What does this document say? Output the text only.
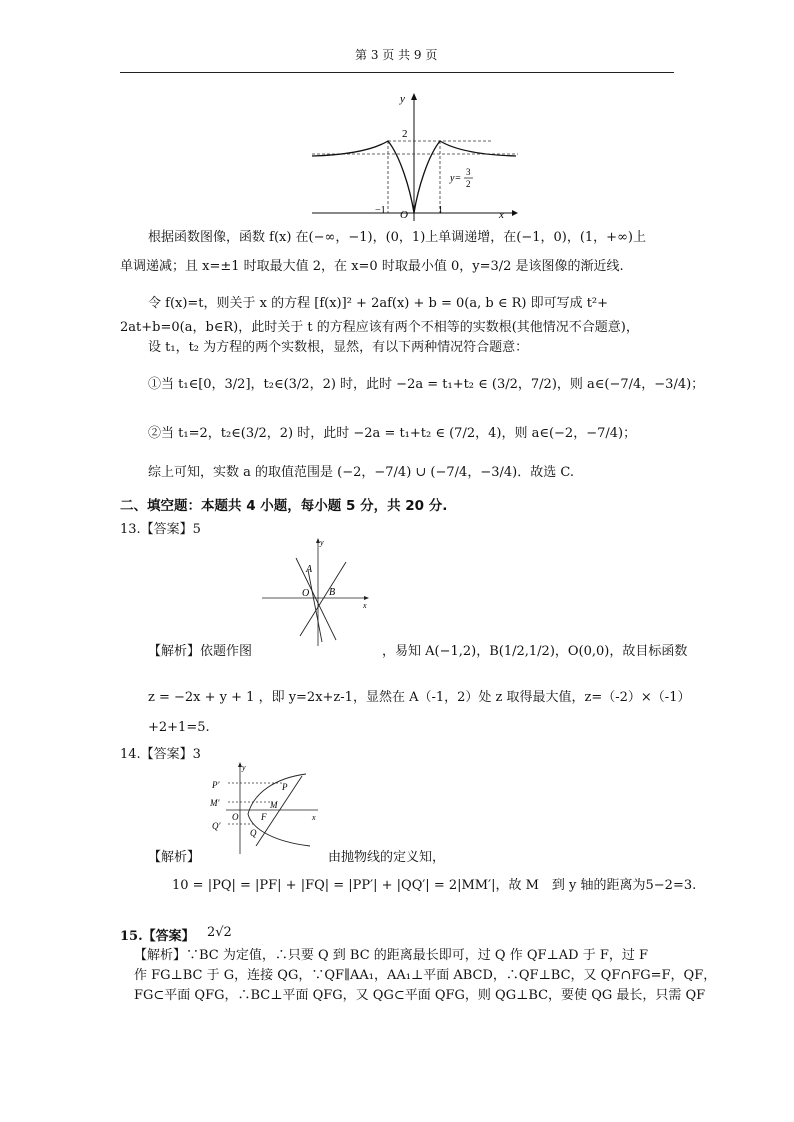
第 3 页 共 9 页
y
x
2
−1	1
O
y=
3
2
根据函数图像，函数 f(x) 在(−∞，−1)，(0，1)上单调递增，在(−1，0)，(1，+∞)上
单调递减；且 x=±1 时取最大值 2，在 x=0 时取最小值 0，y=3/2 是该图像的渐近线.
令 f(x)=t，则关于 x 的方程 [f(x)]² + 2af(x) + b = 0(a, b ∈ R) 即可写成 t²+
2at+b=0(a，b∈R)，此时关于 t 的方程应该有两个不相等的实数根(其他情况不合题意)，
设 t₁，t₂ 为方程的两个实数根，显然，有以下两种情况符合题意：
①当 t₁∈[0，3/2]，t₂∈(3/2，2) 时，此时 −2a = t₁+t₂ ∈ (3/2，7/2)，则 a∈(−7/4，−3/4)；
②当 t₁=2，t₂∈(3/2，2) 时，此时 −2a = t₁+t₂ ∈ (7/2，4)，则 a∈(−2，−7/4)；
综上可知，实数 a 的取值范围是 (−2，−7/4) ∪ (−7/4，−3/4)．故选 C.
二、填空题：本题共 4 小题，每小题 5 分，共 20 分.
13.【答案】5
y
x
A
O B
【解析】依题作图	，易知 A(−1,2)，B(1/2,1/2)，O(0,0)，故目标函数
z = −2x + y + 1 ，即 y=2x+z-1，显然在 A（-1，2）处 z 取得最大值，z=（-2）×（-1）
+2+1=5.
14.【答案】3
y
x
P′
M′
Q′
O	F
M
P
Q
【解析】	由抛物线的定义知，
10 = |PQ| = |PF| + |FQ| = |PP′| + |QQ′| = 2|MM′|，故 M　到 y 轴的距离为5−2=3.
15.【答案】 2√2
【解析】∵BC 为定值，∴只要 Q 到 BC 的距离最长即可，过 Q 作 QF⊥AD 于 F，过 F
作 FG⊥BC 于 G，连接 QG，∵QF∥AA₁，AA₁⊥平面 ABCD，∴QF⊥BC，又 QF∩FG=F，QF，
FG⊂平面 QFG，∴BC⊥平面 QFG，又 QG⊂平面 QFG，则 QG⊥BC，要使 QG 最长，只需 QF
